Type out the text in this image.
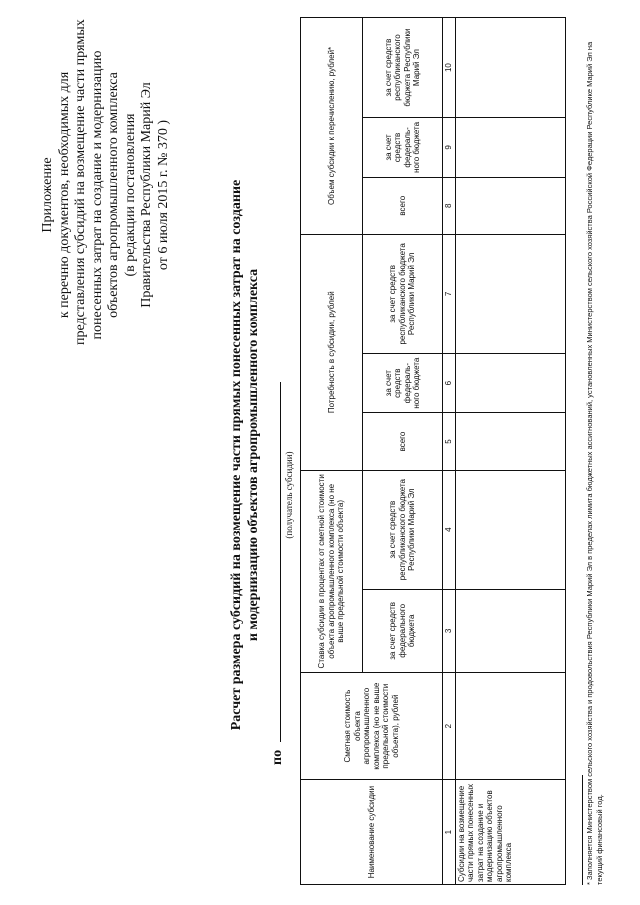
Приложение к перечню документов, необходимых для представления субсидий на возмещение части прямых понесенных затрат на создание и модернизацию объектов агропромышленного комплекса (в редакции постановления Правительства Республики Марий Эл от 6 июля 2015 г. № 370 )	Расчет размера субсидий на возмещение части прямых понесенных затрат на создание и модернизацию объектов агропромышленного комплекса
по
(получатель субсидии)
Наименование субсидии	Сметная стоимость объекта агропромышленного комплекса (но не выше предельной стоимости объекта), рублей	Ставка субсидии в процентах от сметной стоимости объекта агропромышленного комплекса (но не выше предельной стоимости объекта)		Потребность в субсидии, рублей			Объем субсидии к перечислению, рублей*		
		за счет средств федерального бюджета	за счет средств республиканского бюджета Республики Марий Эл	всего	за счет средств федераль- ного бюджета	за счет средств республиканского бюджета Республики Марий Эл	всего	за счет средств федераль- ного бюджета	за счет средств республиканского бюджета Республики Марий Эл
1	2	3	4	5	6	7	8	9	10
Субсидии на возмещение части прямых понесенных затрат на создание и модернизацию объектов агропромышленного комплекса										* Заполняется Министерством сельского хозяйства и продовольствия Республики Марий Эл в пределах лимита бюджетных ассигнований, установленных Министерством сельского хозяйства Российской Федерации Республике Марий Эл на текущий финансовый год.
